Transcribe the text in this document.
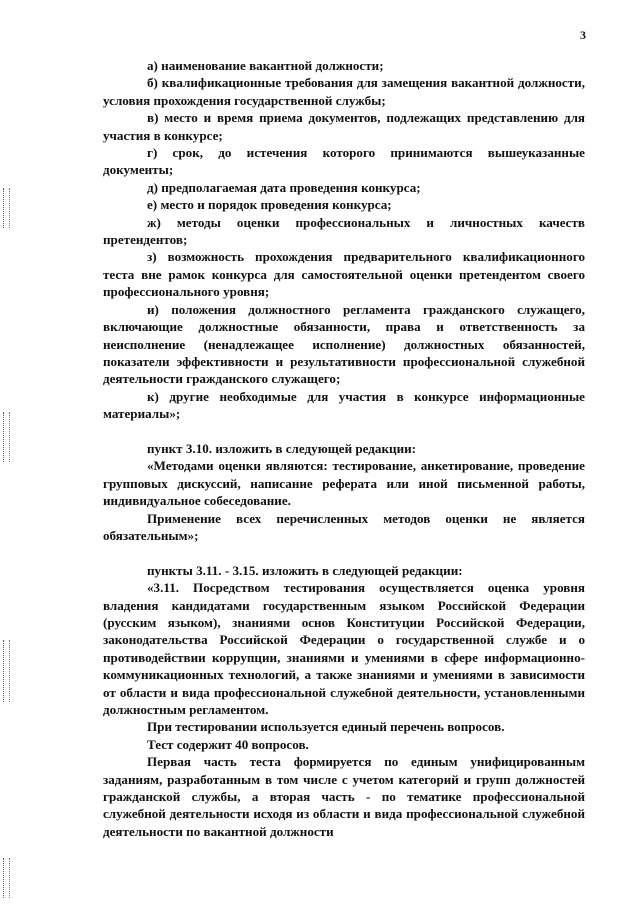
3

а) наименование вакантной должности;

б) квалификационные требования для замещения вакантной должности, условия прохождения государственной службы;

в) место и время приема документов, подлежащих представлению для участия в конкурсе;

г) срок, до истечения которого принимаются вышеуказанные документы;

д) предполагаемая дата проведения конкурса;

е) место и порядок проведения конкурса;

ж) методы оценки профессиональных и личностных качеств претендентов;

з) возможность прохождения предварительного квалификационного теста вне рамок конкурса для самостоятельной оценки претендентом своего профессионального уровня;

и) положения должностного регламента гражданского служащего, включающие должностные обязанности, права и ответственность за неисполнение (ненадлежащее исполнение) должностных обязанностей, показатели эффективности и результативности профессиональной служебной деятельности гражданского служащего;

к) другие необходимые для участия в конкурсе информационные материалы»;

пункт 3.10. изложить в следующей редакции:

«Методами оценки являются: тестирование, анкетирование, проведение групповых дискуссий, написание реферата или иной письменной работы, индивидуальное собеседование.

Применение всех перечисленных методов оценки не является обязательным»;

пункты 3.11. - 3.15. изложить в следующей редакции:

«3.11. Посредством тестирования осуществляется оценка уровня владения кандидатами государственным языком Российской Федерации (русским языком), знаниями основ Конституции Российской Федерации, законодательства Российской Федерации о государственной службе и о противодействии коррупции, знаниями и умениями в сфере информационно-коммуникационных технологий, а также знаниями и умениями в зависимости от области и вида профессиональной служебной деятельности, установленными должностным регламентом.

При тестировании используется единый перечень вопросов.

Тест содержит 40 вопросов.

Первая часть теста формируется по единым унифицированным заданиям, разработанным в том числе с учетом категорий и групп должностей гражданской службы, а вторая часть - по тематике профессиональной служебной деятельности исходя из области и вида профессиональной служебной деятельности по вакантной должности
